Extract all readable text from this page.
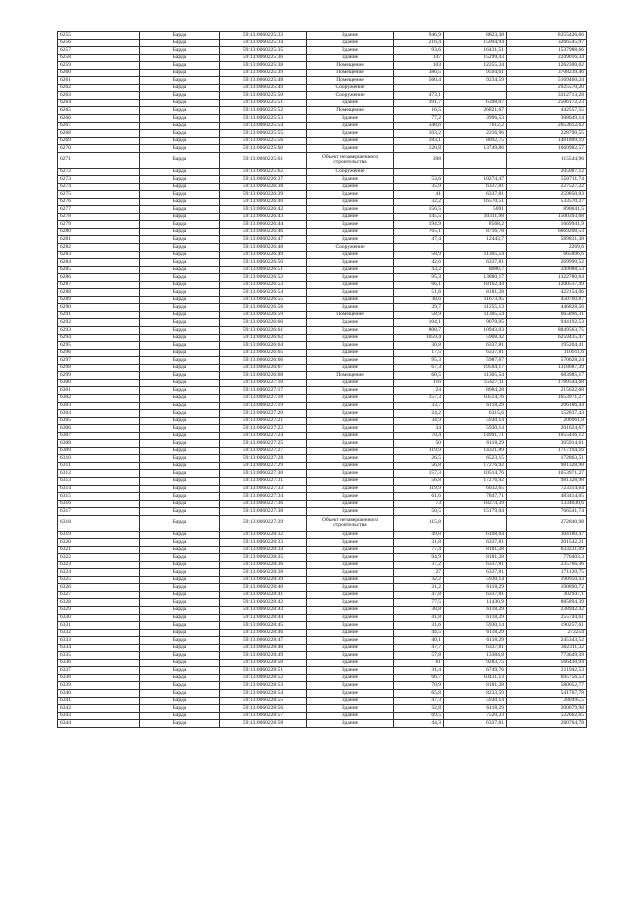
6255	Барда	59:13:0060225:33	Здание	946,9	8823,38	8355426,66
6256	Барда	59:13:0060225:34	Здание	216,4	15094,94	3266545,97
6257	Барда	59:13:0060225:35	Здание	93,6	16431,51	1537988,66
6258	Барда	59:13:0060225:36	Здание	147	15299,43	2249016,34
6259	Барда	59:13:0060225:38	Помещение	103	12255,34	1262300,02
6260	Барда	59:13:0060225:39	Помещение	386,5	9594,61	3708239,46
6261	Барда	59:13:0060225:48	Помещение	560,4	9234,59	5169460,24
6262	Барда	59:13:0060225:49	Сооружение			2925570,20
6263	Барда	59:13:0060225:50	Сооружение	473,1		3312713,28
6264	Барда	59:13:0060225:51	Здание	391,7	6398,07	2506172,23
6265	Барда	59:13:0060225:52	Помещение	16,5	26821,67	442557,55
6266	Барда	59:13:0060225:53	Здание	77,2	3996,53	308649,14
6267	Барда	59:13:0060225:54	Здание	348,6	7612,2	2653612,62
6268	Барда	59:13:0060225:55	Здание	103,2	2216,96	228790,55
6269	Барда	59:13:0060225:56	Здание	183,1	8092,75	1481809,19
6270	Барда	59:13:0060225:60	Здание	120,8	13749,86	1660982,57
6271	Барда	59:13:0060225:61	Объект незавершенного строительства	398		115544,96
6272	Барда	59:13:0060225:62	Сооружение			205087,12
6273	Барда	59:13:0060226:37	Здание	53,6	10274,47	550711,74
6274	Барда	59:13:0060226:38	Здание	35,9	6337,81	227527,22
6275	Барда	59:13:0060226:39	Здание	41	6337,81	259850,03
6276	Барда	59:13:0060226:40	Здание	32,2	16570,51	533570,27
6277	Барда	59:13:0060226:42	Здание	156,5	5691	890641,5
6278	Барда	59:13:0060226:43	Здание	145,5	10311,98	1500393,68
6279	Барда	59:13:0060226:44	Здание	194,9	8568,2	1669941,9
6280	Барда	59:13:0060226:46	Здание	765,1	8716,78	6669208,53
6281	Барда	59:13:0060226:47	Здание	47,4	12443,7	589831,38
6282	Барда	59:13:0060226:48	Сооружение			2269,6
6283	Барда	59:13:0060226:49	Здание	58,9	11305,54	665896,6
6284	Барда	59:13:0060226:50	Здание	42,6	6337,81	269990,52
6285	Барда	59:13:0060226:51	Здание	43,2	8080,7	349088,53
6286	Барда	59:13:0060226:52	Здание	95,3	13880,17	1322780,64
6287	Барда	59:13:0060226:53	Здание	66,1	18162,44	1200537,49
6288	Барда	59:13:0060226:54	Здание	51,6	8181,28	422154,06
6289	Барда	59:13:0060226:55	Здание	38,6	11673,95	450760,87
6290	Барда	59:13:0060226:56	Здание	39,7	11255,13	446828,56
6291	Барда	59:13:0060226:59	Помещение	58,9	11305,54	665896,31
6292	Барда	59:13:0060226:60	Здание	104,1	9070,05	944192,53
6293	Барда	59:13:0060226:61	Здание	808,7	10943,03	8849563,75
6294	Барда	59:13:0060226:62	Здание	1059,4	5908,42	6259435,47
6295	Барда	59:13:0060226:64	Здание	30,8	6337,81	195204,41
6296	Барда	59:13:0060226:65	Здание	17,5	6337,81	110911,6
6297	Барда	59:13:0060226:66	Здание	95,3	5987,67	570628,24
6298	Барда	59:13:0060226:67	Здание	67,3	19594,17	1318687,39
6299	Барда	59:13:0060226:68	Помещение	60,5	11305,54	683985,17
6300	Барда	59:13:0060227:10	Здание	116	15427,11	1789544,68
6301	Барда	59:13:0060227:17	Здание	24	8984,28	215622,68
6302	Барда	59:13:0060227:18	Здание	157,3	10514,76	1653971,27
6303	Барда	59:13:0060227:19	Здание	33,7	6118,29	206186,44
6304	Барда	59:13:0060227:20	Здание	24,2	6315,6	152837,43
6305	Барда	59:13:0060227:21	Здание	34,9	5930,14	206961,8
6306	Барда	59:13:0060227:22	Здание	34	5930,14	201624,67
6307	Барда	59:13:0060227:24	Здание	70,4	14991,71	1055416,12
6308	Барда	59:13:0060227:25	Здание	50	6118,29	305914,61
6309	Барда	59:13:0060227:27	Здание	119,9	14321,89	1717194,16
6310	Барда	59:13:0060227:28	Здание	26,5	6523,15	172863,51
6311	Барда	59:13:0060227:29	Здание	56,8	17276,92	981328,98
6312	Барда	59:13:0060227:30	Здание	157,3	10514,76	1653971,27
6313	Барда	59:13:0060227:31	Здание	56,8	17276,92	981328,98
6314	Барда	59:13:0060227:33	Здание	119,9	6032,65	723314,64
6315	Барда	59:13:0060227:34	Здание	61,6	7847,71	483414,05
6316	Барда	59:13:0060227:36	Здание	73	18274,39	1334030,6
6317	Барда	59:13:0060227:38	Здание	50,5	15179,04	766541,74
6318	Барда	59:13:0060227:39	Объект незавершенного строительства	115,8		272840,98
6319	Барда	59:13:0060228:32	Здание	49,8	6108,04	304180,47
6320	Барда	59:13:0060228:33	Здание	31,8	6337,81	201542,21
6321	Барда	59:13:0060228:34	Здание	77,4	8181,28	633231,09
6322	Барда	59:13:0060228:35	Здание	94,9	8181,28	776403,3
6323	Барда	59:13:0060228:36	Здание	37,2	6337,81	235766,36
6324	Барда	59:13:0060228:38	Здание	27	6337,81	171120,75
6325	Барда	59:13:0060228:39	Здание	32,2	5930,14	190950,43
6326	Барда	59:13:0060228:40	Здание	31,2	6118,29	190890,72
6327	Барда	59:13:0060228:41	Здание	47,8	6337,81	302947,1
6328	Барда	59:13:0060228:42	Здание	77,5	11430,9	885894,39
6329	Барда	59:13:0060228:43	Здание	38,8	6118,29	238942,42
6330	Барда	59:13:0060228:44	Здание	41,8	6118,29	255744,61
6331	Барда	59:13:0060228:45	Здание	31,6	5930,14	190257,61
6332	Барда	59:13:0060228:46	Здание	44,5	6118,29	272254
6333	Барда	59:13:0060228:47	Здание	40,1	6118,29	245343,52
6334	Барда	59:13:0060228:48	Здание	47,7	6337,81	302311,32
6335	Барда	59:13:0060228:49	Здание	57,8	13384,8	773649,39
6336	Барда	59:13:0060228:50	Здание	61	9283,75	566430,94
6337	Барда	59:13:0060228:51	Здание	31,4	6749,76	211942,53
6338	Барда	59:13:0060228:52	Здание	66,7	10431,13	695756,53
6339	Барда	59:13:0060228:53	Здание	70,9	8181,28	580052,77
6340	Барда	59:13:0060228:54	Здание	65,8	8233,59	541767,78
6341	Барда	59:13:0060228:55	Здание	47,3	5930,14	280495,5
6342	Барда	59:13:0060228:56	Здание	32,8	6118,29	200679,98
6343	Барда	59:13:0060228:57	Здание	69,5	7520,33	522662,65
6344	Барда	59:13:0060228:58	Здание	44,3	6337,81	280764,78
